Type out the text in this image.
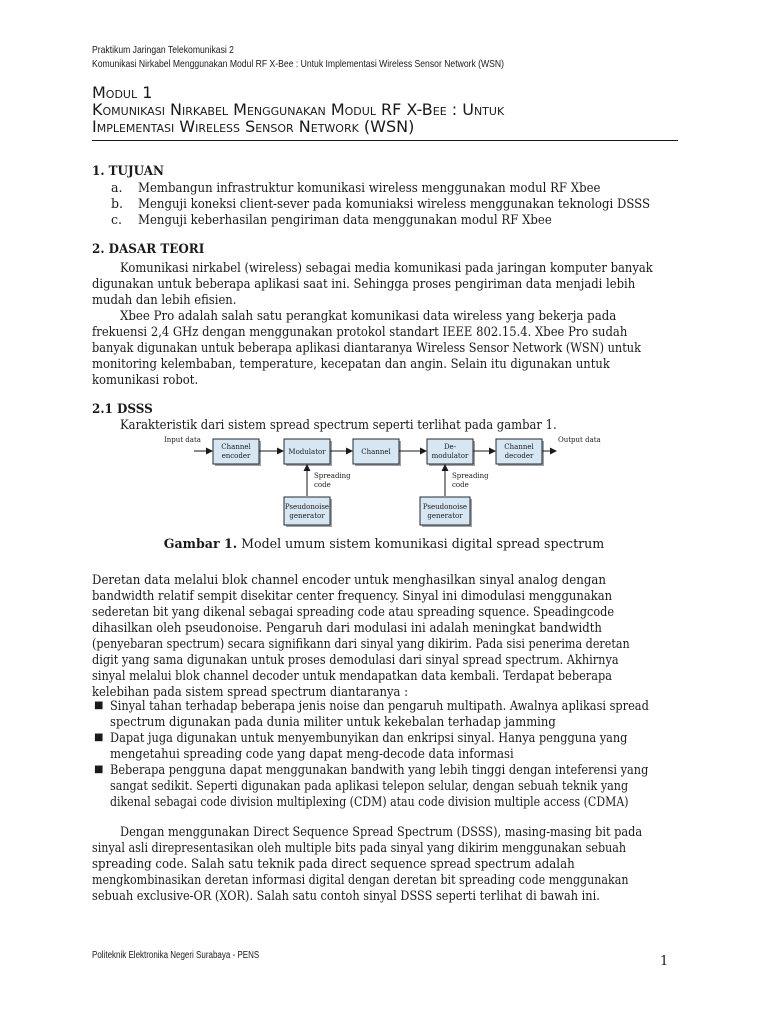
Praktikum Jaringan Telekomunikasi 2
Komunikasi Nirkabel Menggunakan Modul RF X-Bee : Untuk Implementasi Wireless Sensor Network (WSN)
Modul 1
Komunikasi Nirkabel Menggunakan Modul RF X-Bee : Untuk
Implementasi Wireless Sensor Network (WSN)
1. TUJUAN
a. Membangun infrastruktur komunikasi wireless menggunakan modul RF Xbee
b. Menguji koneksi client-sever pada komuniaksi wireless menggunakan teknologi DSSS
c. Menguji keberhasilan pengiriman data menggunakan modul RF Xbee
2. DASAR TEORI
Komunikasi nirkabel (wireless) sebagai media komunikasi pada jaringan komputer banyak
digunakan untuk beberapa aplikasi saat ini. Sehingga proses pengiriman data menjadi lebih
mudah dan lebih efisien.
Xbee Pro adalah salah satu perangkat komunikasi data wireless yang bekerja pada
frekuensi 2,4 GHz dengan menggunakan protokol standart IEEE 802.15.4. Xbee Pro sudah
banyak digunakan untuk beberapa aplikasi diantaranya Wireless Sensor Network (WSN) untuk
monitoring kelembaban, temperature, kecepatan dan angin. Selain itu digunakan untuk
komunikasi robot.
2.1 DSSS
Karakteristik dari sistem spread spectrum seperti terlihat pada gambar 1.
Input data	Output data
Channel
encoder	Modulator	Channel
De-
modulator
Channel
decoder
Spreading
code
Spreading
code
Pseudonoise
generator
Pseudonoise
generator
Gambar 1. Model umum sistem komunikasi digital spread spectrum
Deretan data melalui blok channel encoder untuk menghasilkan sinyal analog dengan
bandwidth relatif sempit disekitar center frequency. Sinyal ini dimodulasi menggunakan
sederetan bit yang dikenal sebagai spreading code atau spreading squence. Speadingcode
dihasilkan oleh pseudonoise. Pengaruh dari modulasi ini adalah meningkat bandwidth
(penyebaran spectrum) secara signifikann dari sinyal yang dikirim. Pada sisi penerima deretan
digit yang sama digunakan untuk proses demodulasi dari sinyal spread spectrum. Akhirnya
sinyal melalui blok channel decoder untuk mendapatkan data kembali. Terdapat beberapa
kelebihan pada sistem spread spectrum diantaranya :
■ Sinyal tahan terhadap beberapa jenis noise dan pengaruh multipath. Awalnya aplikasi spread
spectrum digunakan pada dunia militer untuk kekebalan terhadap jamming
■ Dapat juga digunakan untuk menyembunyikan dan enkripsi sinyal. Hanya pengguna yang
mengetahui spreading code yang dapat meng-decode data informasi
■ Beberapa pengguna dapat menggunakan bandwith yang lebih tinggi dengan inteferensi yang
sangat sedikit. Seperti digunakan pada aplikasi telepon selular, dengan sebuah teknik yang
dikenal sebagai code division multiplexing (CDM) atau code division multiple access (CDMA)
Dengan menggunakan Direct Sequence Spread Spectrum (DSSS), masing-masing bit pada
sinyal asli direpresentasikan oleh multiple bits pada sinyal yang dikirim menggunakan sebuah
spreading code. Salah satu teknik pada direct sequence spread spectrum adalah
mengkombinasikan deretan informasi digital dengan deretan bit spreading code menggunakan
sebuah exclusive-OR (XOR). Salah satu contoh sinyal DSSS seperti terlihat di bawah ini.
Politeknik Elektronika Negeri Surabaya - PENS	1
